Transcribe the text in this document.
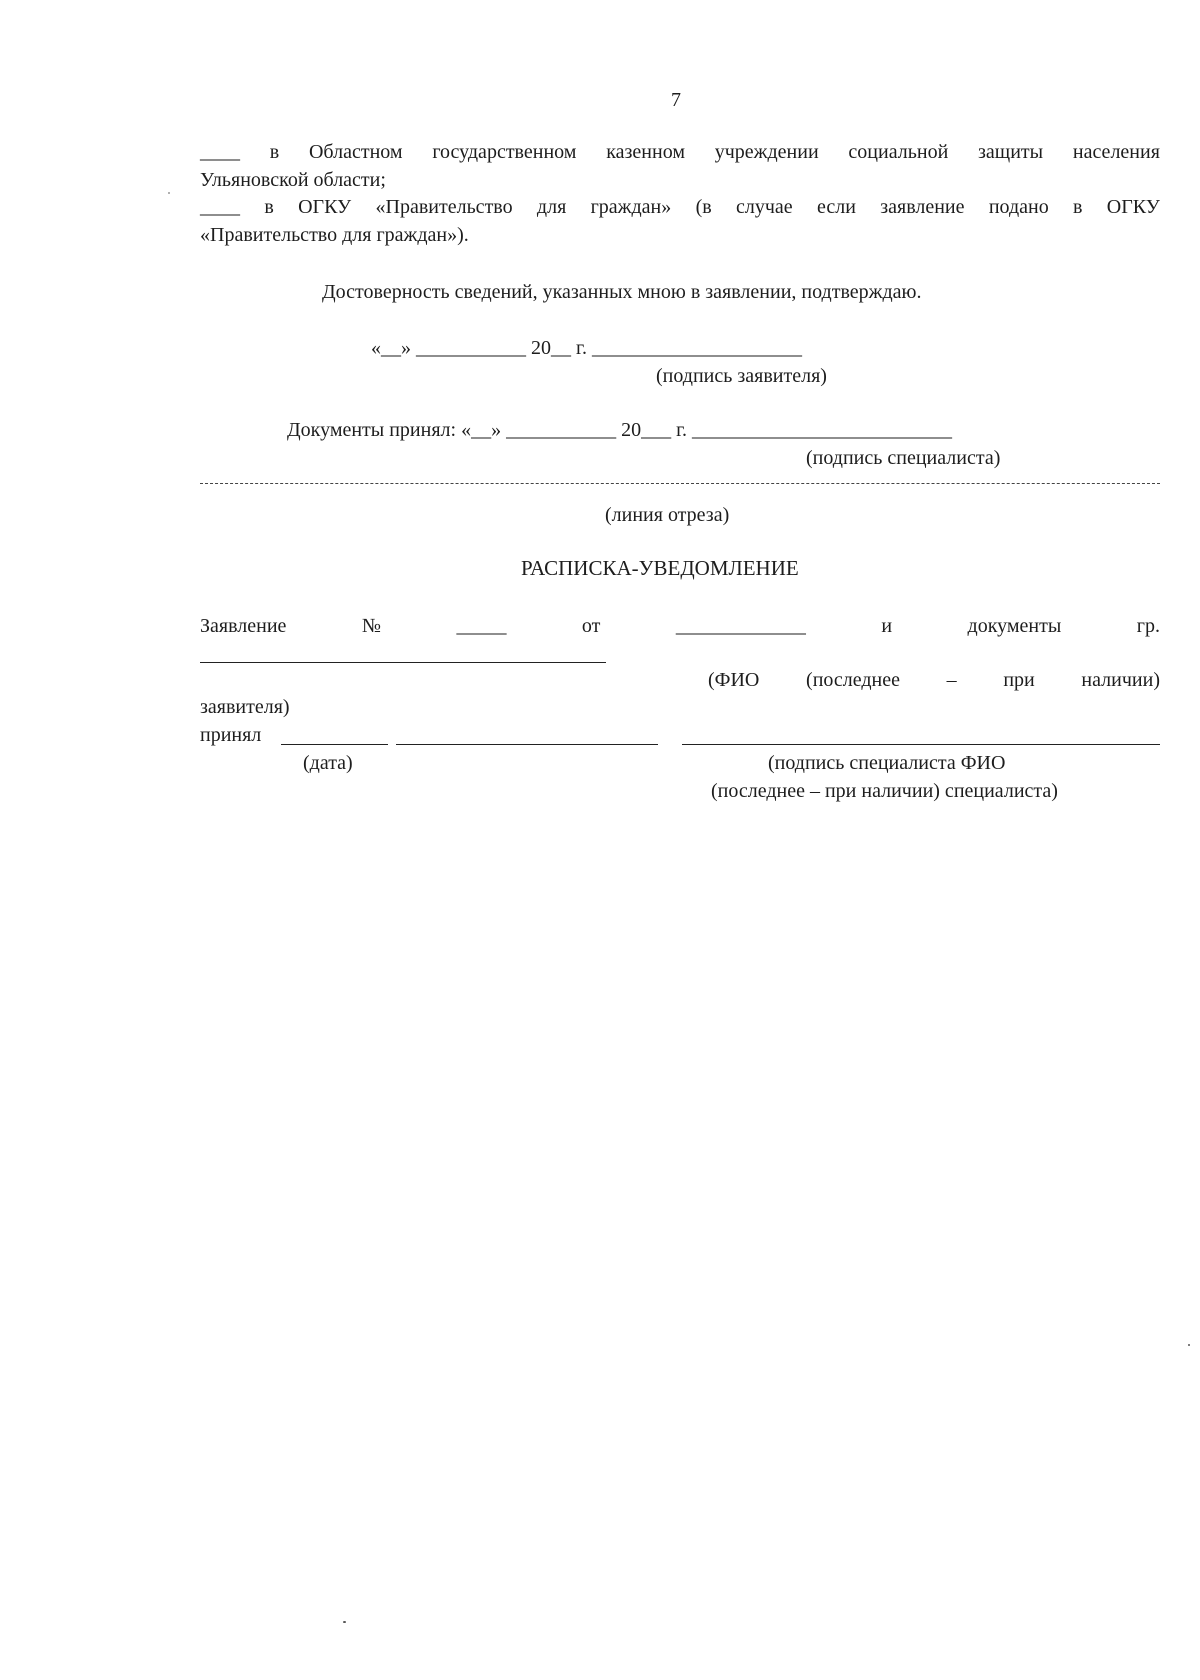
7
____ в Областном государственном казенном учреждении социальной защиты населения
Ульяновской области;
____ в ОГКУ «Правительство для граждан» (в случае если заявление подано в ОГКУ
«Правительство для граждан»).
Достоверность сведений, указанных мною в заявлении, подтверждаю.
«__» ___________ 20__ г. _____________________
(подпись заявителя)
Документы принял: «__» ___________ 20___ г. __________________________
(подпись специалиста)
(линия отреза)
РАСПИСКА-УВЕДОМЛЕНИЕ
Заявление	№	_____	от	_____________	и	документы	гр.
(ФИО (последнее – при наличии)
заявителя)
принял
(дата)	(подпись специалиста ФИО
(последнее – при наличии) специалиста)
